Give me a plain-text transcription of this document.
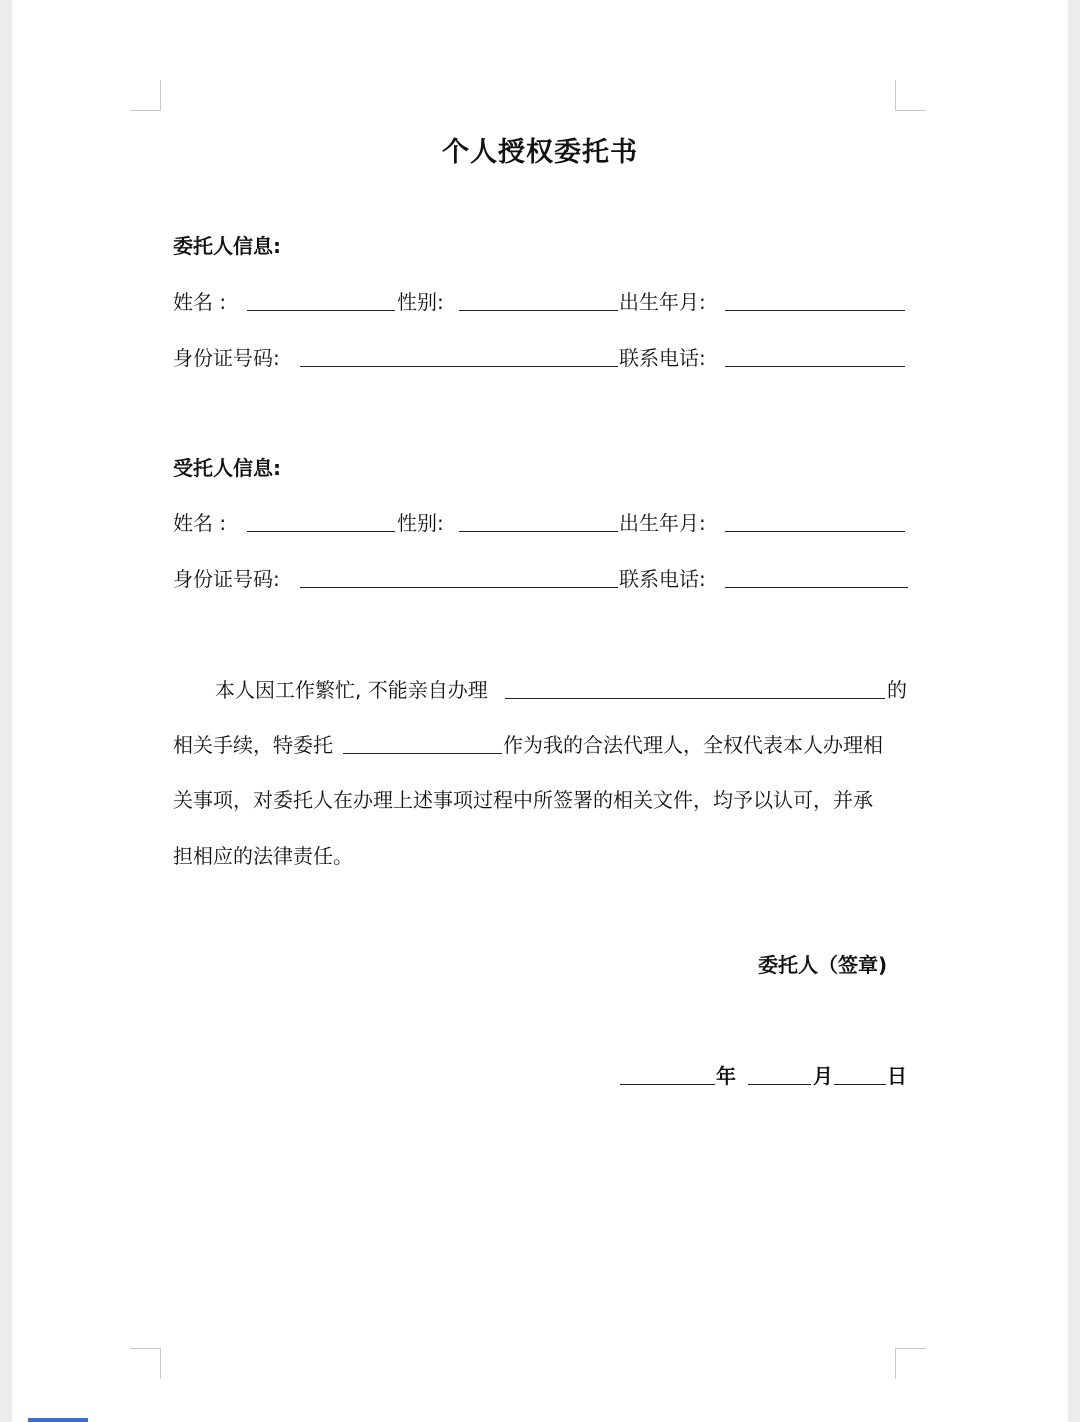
个人授权委托书
委托人信息:
姓名 :	性别:	出生年月:
身份证号码:	联系电话:
受托人信息:
姓名 :	性别:	出生年月:
身份证号码:	联系电话:
本人因工作繁忙, 不能亲自办理	的
相关手续，特委托	作为我的合法代理人，全权代表本人办理相
关事项，对委托人在办理上述事项过程中所签署的相关文件，均予以认可，并承
担相应的法律责任。
委托人（签章)
年	月	日
